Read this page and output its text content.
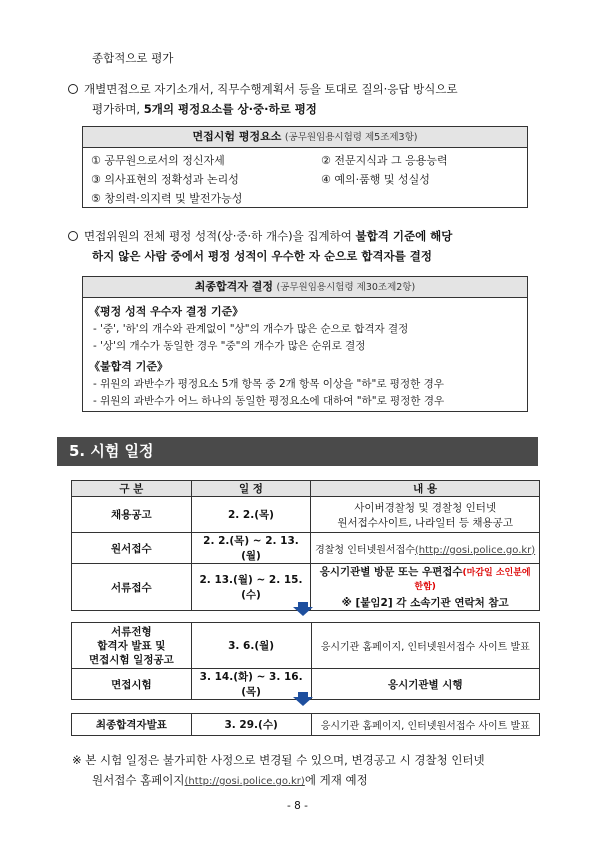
종합적으로 평가
개별면접으로 자기소개서, 직무수행계획서 등을 토대로 질의·응답 방식으로
평가하며, 5개의 평정요소를 상·중·하로 평정
면접시험 평정요소 (공무원임용시험령 제5조제3항)
① 공무원으로서의 정신자세	② 전문지식과 그 응용능력
③ 의사표현의 정확성과 논리성	④ 예의·품행 및 성실성
⑤ 창의력·의지력 및 발전가능성
면접위원의 전체 평정 성적(상·중·하 개수)을 집계하여 불합격 기준에 해당
하지 않은 사람 중에서 평정 성적이 우수한 자 순으로 합격자를 결정
최종합격자 결정 (공무원임용시험령 제30조제2항)
《평정 성적 우수자 결정 기준》
- '중', '하'의 개수와 관계없이 "상"의 개수가 많은 순으로 합격자 결정
- '상'의 개수가 동일한 경우 "중"의 개수가 많은 순위로 결정
《불합격 기준》
- 위원의 과반수가 평정요소 5개 항목 중 2개 항목 이상을 "하"로 평정한 경우
- 위원의 과반수가 어느 하나의 동일한 평정요소에 대하여 "하"로 평정한 경우
5. 시험 일정
구 분	일 정	내 용
채용공고	2. 2.(목)	사이버경찰청 및 경찰청 인터넷
원서접수사이트, 나라일터 등 채용공고

원서접수	2. 2.(목) ~ 2. 13.(월)	경찰청 인터넷원서접수(http://gosi.police.go.kr)
서류접수	2. 13.(월) ~ 2. 15.(수)	응시기관별 방문 또는 우편접수(마감일 소인분에 한함)
※ [붙임2] 각 소속기관 연락처 참고
서류전형
합격자 발표 및
면접시험 일정공고	3. 6.(월)	응시기관 홈페이지, 인터넷원서접수 사이트 발표
면접시험	3. 14.(화) ~ 3. 16.(목)	응시기관별 시행
최종합격자발표	3. 29.(수)	응시기관 홈페이지, 인터넷원서접수 사이트 발표
※ 본 시험 일정은 불가피한 사정으로 변경될 수 있으며, 변경공고 시 경찰청 인터넷
원서접수 홈페이지(http://gosi.police.go.kr)에 게재 예정
- 8 -
